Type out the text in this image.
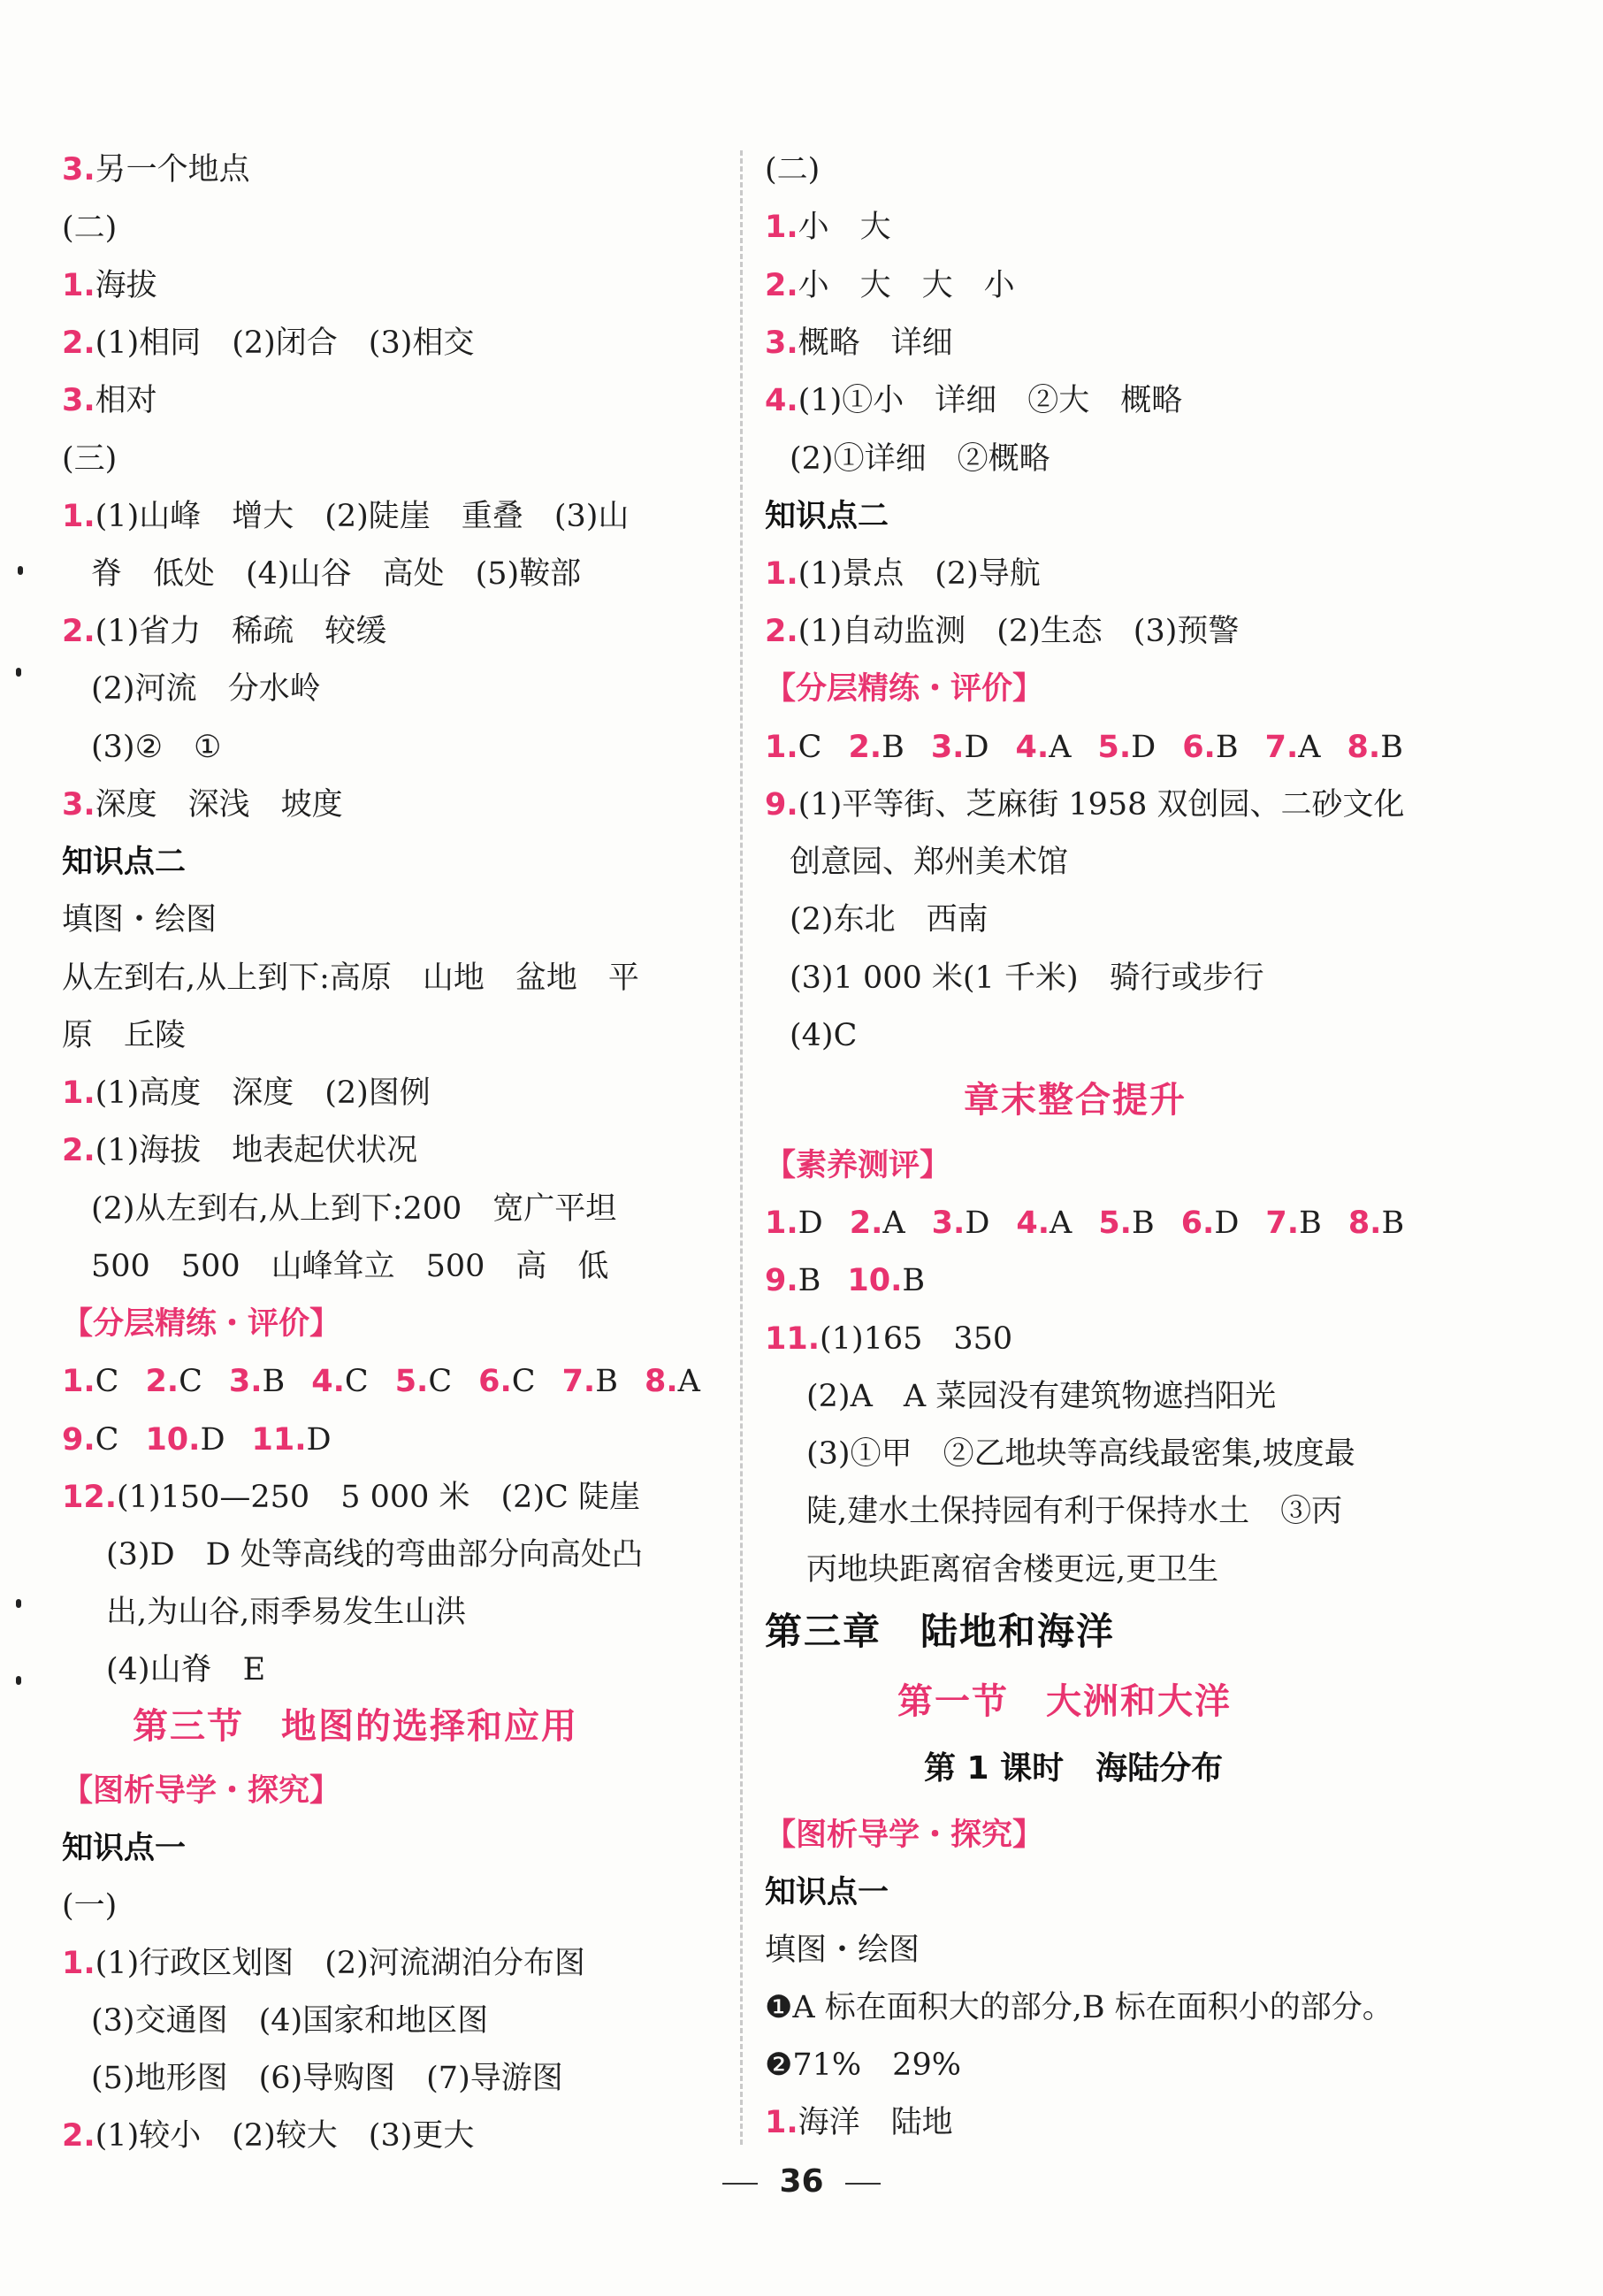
3.另一个地点
(二)
1.海拔
2.(1)相同　(2)闭合　(3)相交
3.相对
(三)
1.(1)山峰　增大　(2)陡崖　重叠　(3)山
脊　低处　(4)山谷　高处　(5)鞍部
2.(1)省力　稀疏　较缓
(2)河流　分水岭
(3)②　①
3.深度　深浅　坡度
知识点二
填图・绘图
从左到右,从上到下:高原　山地　盆地　平
原　丘陵
1.(1)高度　深度　(2)图例
2.(1)海拔　地表起伏状况
(2)从左到右,从上到下:200　宽广平坦
500　500　山峰耸立　500　高　低
【分层精练・评价】
1.C 2.C 3.B 4.C 5.C 6.C 7.B 8.A
9.C 10.D 11.D
12.(1)150—250　5 000 米　(2)C 陡崖
(3)D　D 处等高线的弯曲部分向高处凸
出,为山谷,雨季易发生山洪
(4)山脊　E
第三节　地图的选择和应用
【图析导学・探究】
知识点一
(一)
1.(1)行政区划图　(2)河流湖泊分布图
(3)交通图　(4)国家和地区图
(5)地形图　(6)导购图　(7)导游图
2.(1)较小　(2)较大　(3)更大
(二)
1.小　大
2.小　大　大　小
3.概略　详细
4.(1)①小　详细　②大　概略
(2)①详细　②概略
知识点二
1.(1)景点　(2)导航
2.(1)自动监测　(2)生态　(3)预警
【分层精练・评价】
1.C 2.B 3.D 4.A 5.D 6.B 7.A 8.B
9.(1)平等街、芝麻街 1958 双创园、二砂文化
创意园、郑州美术馆
(2)东北　西南
(3)1 000 米(1 千米)　骑行或步行
(4)C
章末整合提升
【素养测评】
1.D 2.A 3.D 4.A 5.B 6.D 7.B 8.B
9.B 10.B
11.(1)165　350
(2)A　A 菜园没有建筑物遮挡阳光
(3)①甲　②乙地块等高线最密集,坡度最
陡,建水土保持园有利于保持水土　③丙
丙地块距离宿舍楼更远,更卫生
第三章　陆地和海洋
第一节　大洲和大洋
第 1 课时　海陆分布
【图析导学・探究】
知识点一
填图・绘图
❶A 标在面积大的部分,B 标在面积小的部分。
❷71%　29%
1.海洋　陆地
36
